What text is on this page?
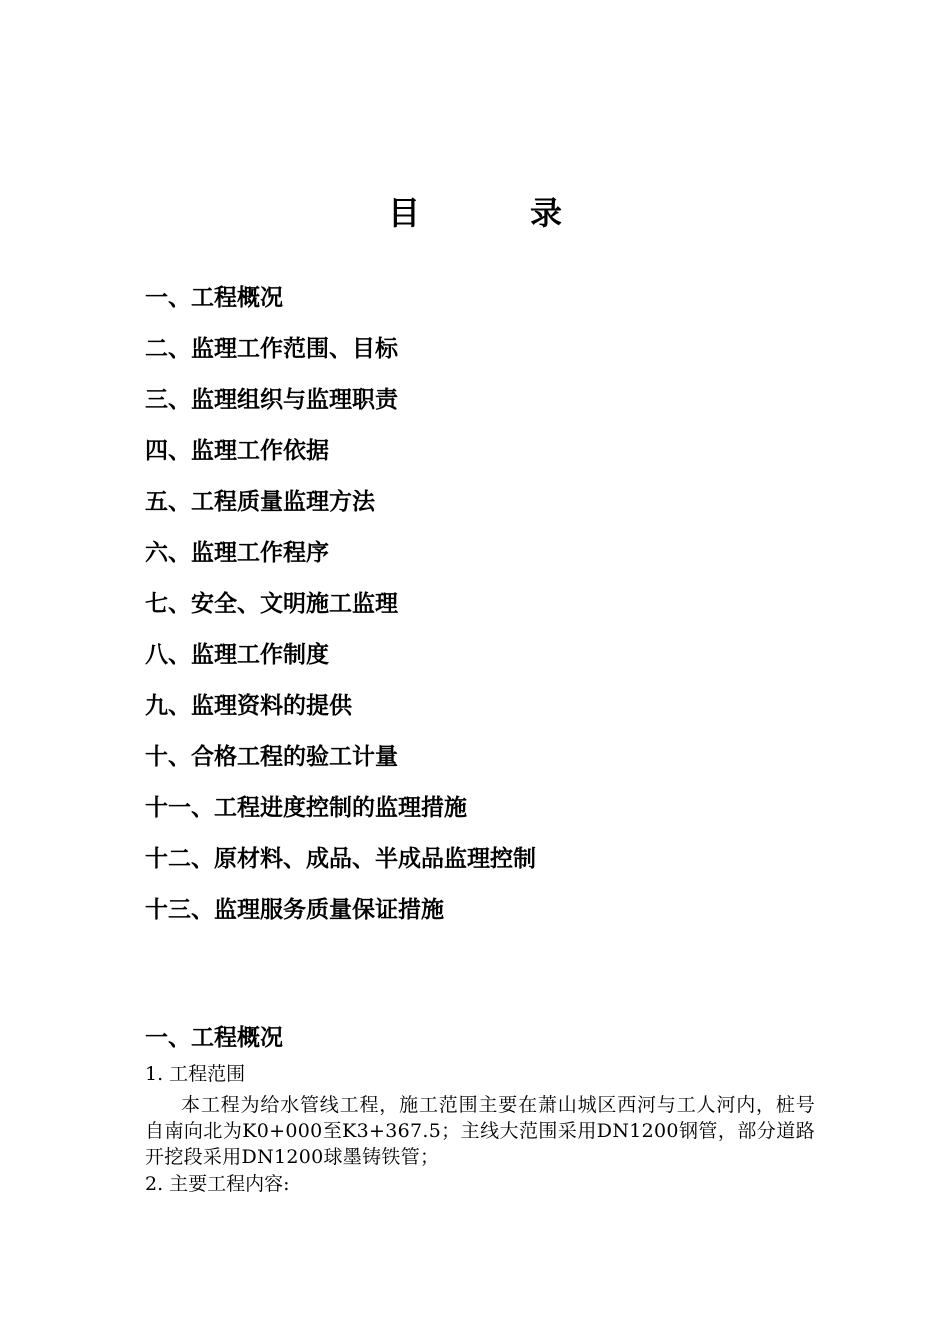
目	录
一、工程概况
二、监理工作范围、目标
三、监理组织与监理职责
四、监理工作依据
五、工程质量监理方法
六、监理工作程序
七、安全、文明施工监理
八、监理工作制度
九、监理资料的提供
十、合格工程的验工计量
十一、工程进度控制的监理措施
十二、原材料、成品、半成品监理控制
十三、监理服务质量保证措施
一、工程概况

1. 工程范围

本工程为给水管线工程，施工范围主要在萧山城区西河与工人河内，桩号自南向北为K0+000至K3+367.5；主线大范围采用DN1200钢管，部分道路开挖段采用DN1200球墨铸铁管；

2. 主要工程内容:
